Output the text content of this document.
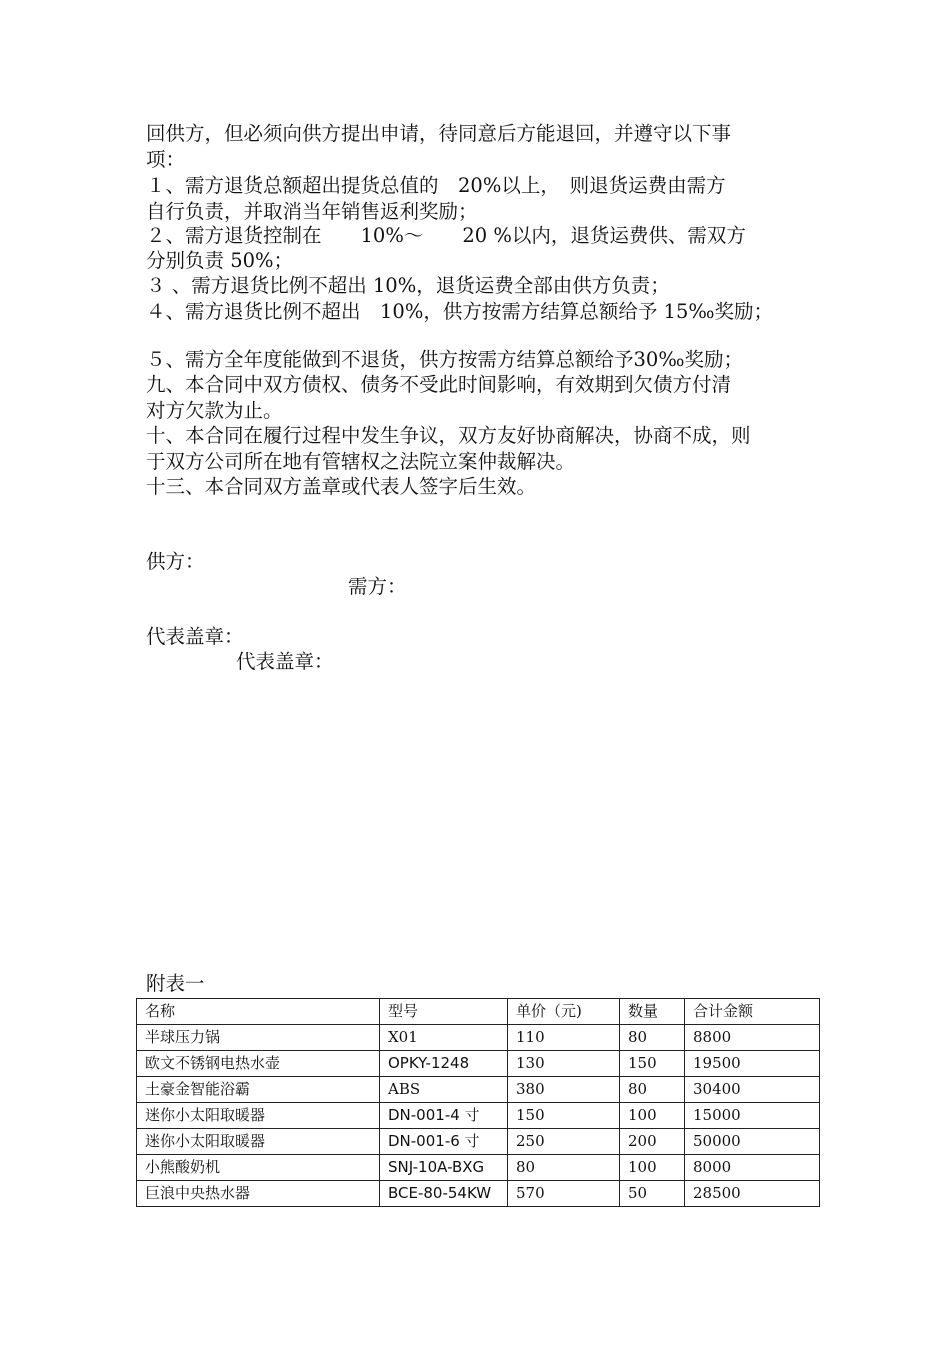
回供方，但必须向供方提出申请，待同意后方能退回，并遵守以下事
项：
１、需方退货总额超出提货总值的　20%以上，　则退货运费由需方
自行负责，并取消当年销售返利奖励；
２、需方退货控制在　　10%～　　20 %以内，退货运费供、需双方
分别负责 50%；
３ 、需方退货比例不超出 10%，退货运费全部由供方负责；
４、需方退货比例不超出　10%，供方按需方结算总额给予 15‰奖励；
５、需方全年度能做到不退货，供方按需方结算总额给予30‰奖励；
九、本合同中双方债权、债务不受此时间影响，有效期到欠债方付清
对方欠款为止。
十、本合同在履行过程中发生争议，双方友好协商解决，协商不成，则
于双方公司所在地有管辖权之法院立案仲裁解决。
十三、本合同双方盖章或代表人签字后生效。
供方：
需方：
代表盖章：
代表盖章：
附表一
名称	型号	单价（元)	数量	合计金额
半球压力锅	X01	110	80	8800
欧文不锈钢电热水壶	OPKY-1248	130	150	19500
土豪金智能浴霸	ABS	380	80	30400
迷你小太阳取暖器	DN-001-4 寸	150	100	15000
迷你小太阳取暖器	DN-001-6 寸	250	200	50000
小熊酸奶机	SNJ-10A-BXG	80	100	8000
巨浪中央热水器	BCE-80-54KW	570	50	28500
